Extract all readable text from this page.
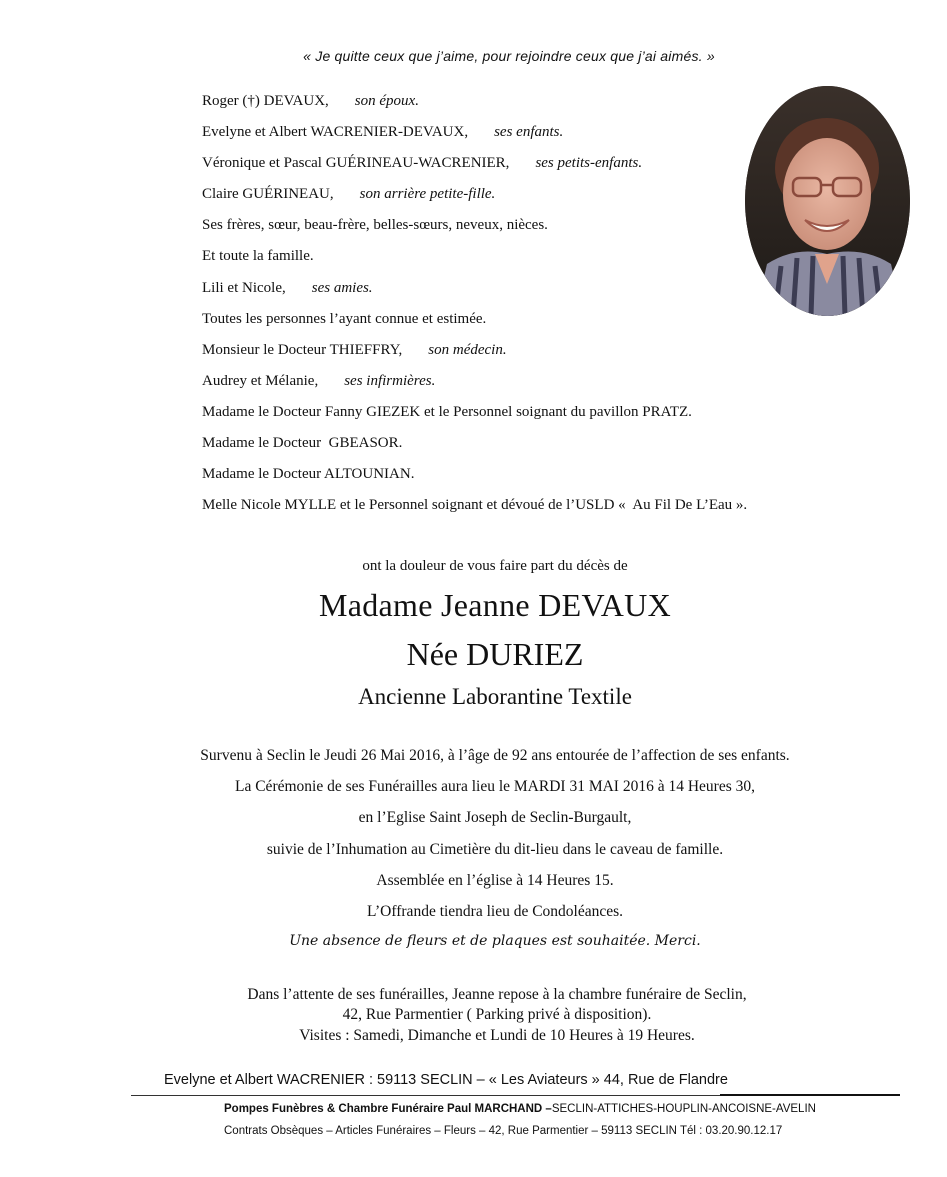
« Je quitte ceux que j’aime, pour rejoindre ceux que j’ai aimés. »
Roger (†) DEVAUX, son époux.
Evelyne et Albert WACRENIER-DEVAUX, ses enfants.
Véronique et Pascal GUÉRINEAU-WACRENIER, ses petits-enfants.
Claire GUÉRINEAU, son arrière petite-fille.
Ses frères, sœur, beau-frère, belles-sœurs, neveux, nièces.
Et toute la famille.
Lili et Nicole, ses amies.
Toutes les personnes l’ayant connue et estimée.
Monsieur le Docteur THIEFFRY, son médecin.
Audrey et Mélanie, ses infirmières.
Madame le Docteur Fanny GIEZEK et le Personnel soignant du pavillon PRATZ.
Madame le Docteur  GBEASOR.
Madame le Docteur ALTOUNIAN.
Melle Nicole MYLLE et le Personnel soignant et dévoué de l’USLD «  Au Fil De L’Eau ».
ont la douleur de vous faire part du décès de
Madame Jeanne DEVAUX
Née DURIEZ
Ancienne Laborantine Textile
Survenu à Seclin le Jeudi 26 Mai 2016, à l’âge de 92 ans entourée de l’affection de ses enfants.
La Cérémonie de ses Funérailles aura lieu le MARDI 31 MAI 2016 à 14 Heures 30,
en l’Eglise Saint Joseph de Seclin-Burgault,
suivie de l’Inhumation au Cimetière du dit-lieu dans le caveau de famille.
Assemblée en l’église à 14 Heures 15.
L’Offrande tiendra lieu de Condoléances.
Une absence de fleurs et de plaques est souhaitée. Merci.
Dans l’attente de ses funérailles, Jeanne repose à la chambre funéraire de Seclin,
42, Rue Parmentier ( Parking privé à disposition).
Visites : Samedi, Dimanche et Lundi de 10 Heures à 19 Heures.
Evelyne et Albert WACRENIER : 59113 SECLIN – « Les Aviateurs » 44, Rue de Flandre
Pompes Funèbres & Chambre Funéraire Paul MARCHAND –SECLIN-ATTICHES-HOUPLIN-ANCOISNE-AVELIN
Contrats Obsèques – Articles Funéraires – Fleurs – 42, Rue Parmentier – 59113 SECLIN Tél : 03.20.90.12.17
